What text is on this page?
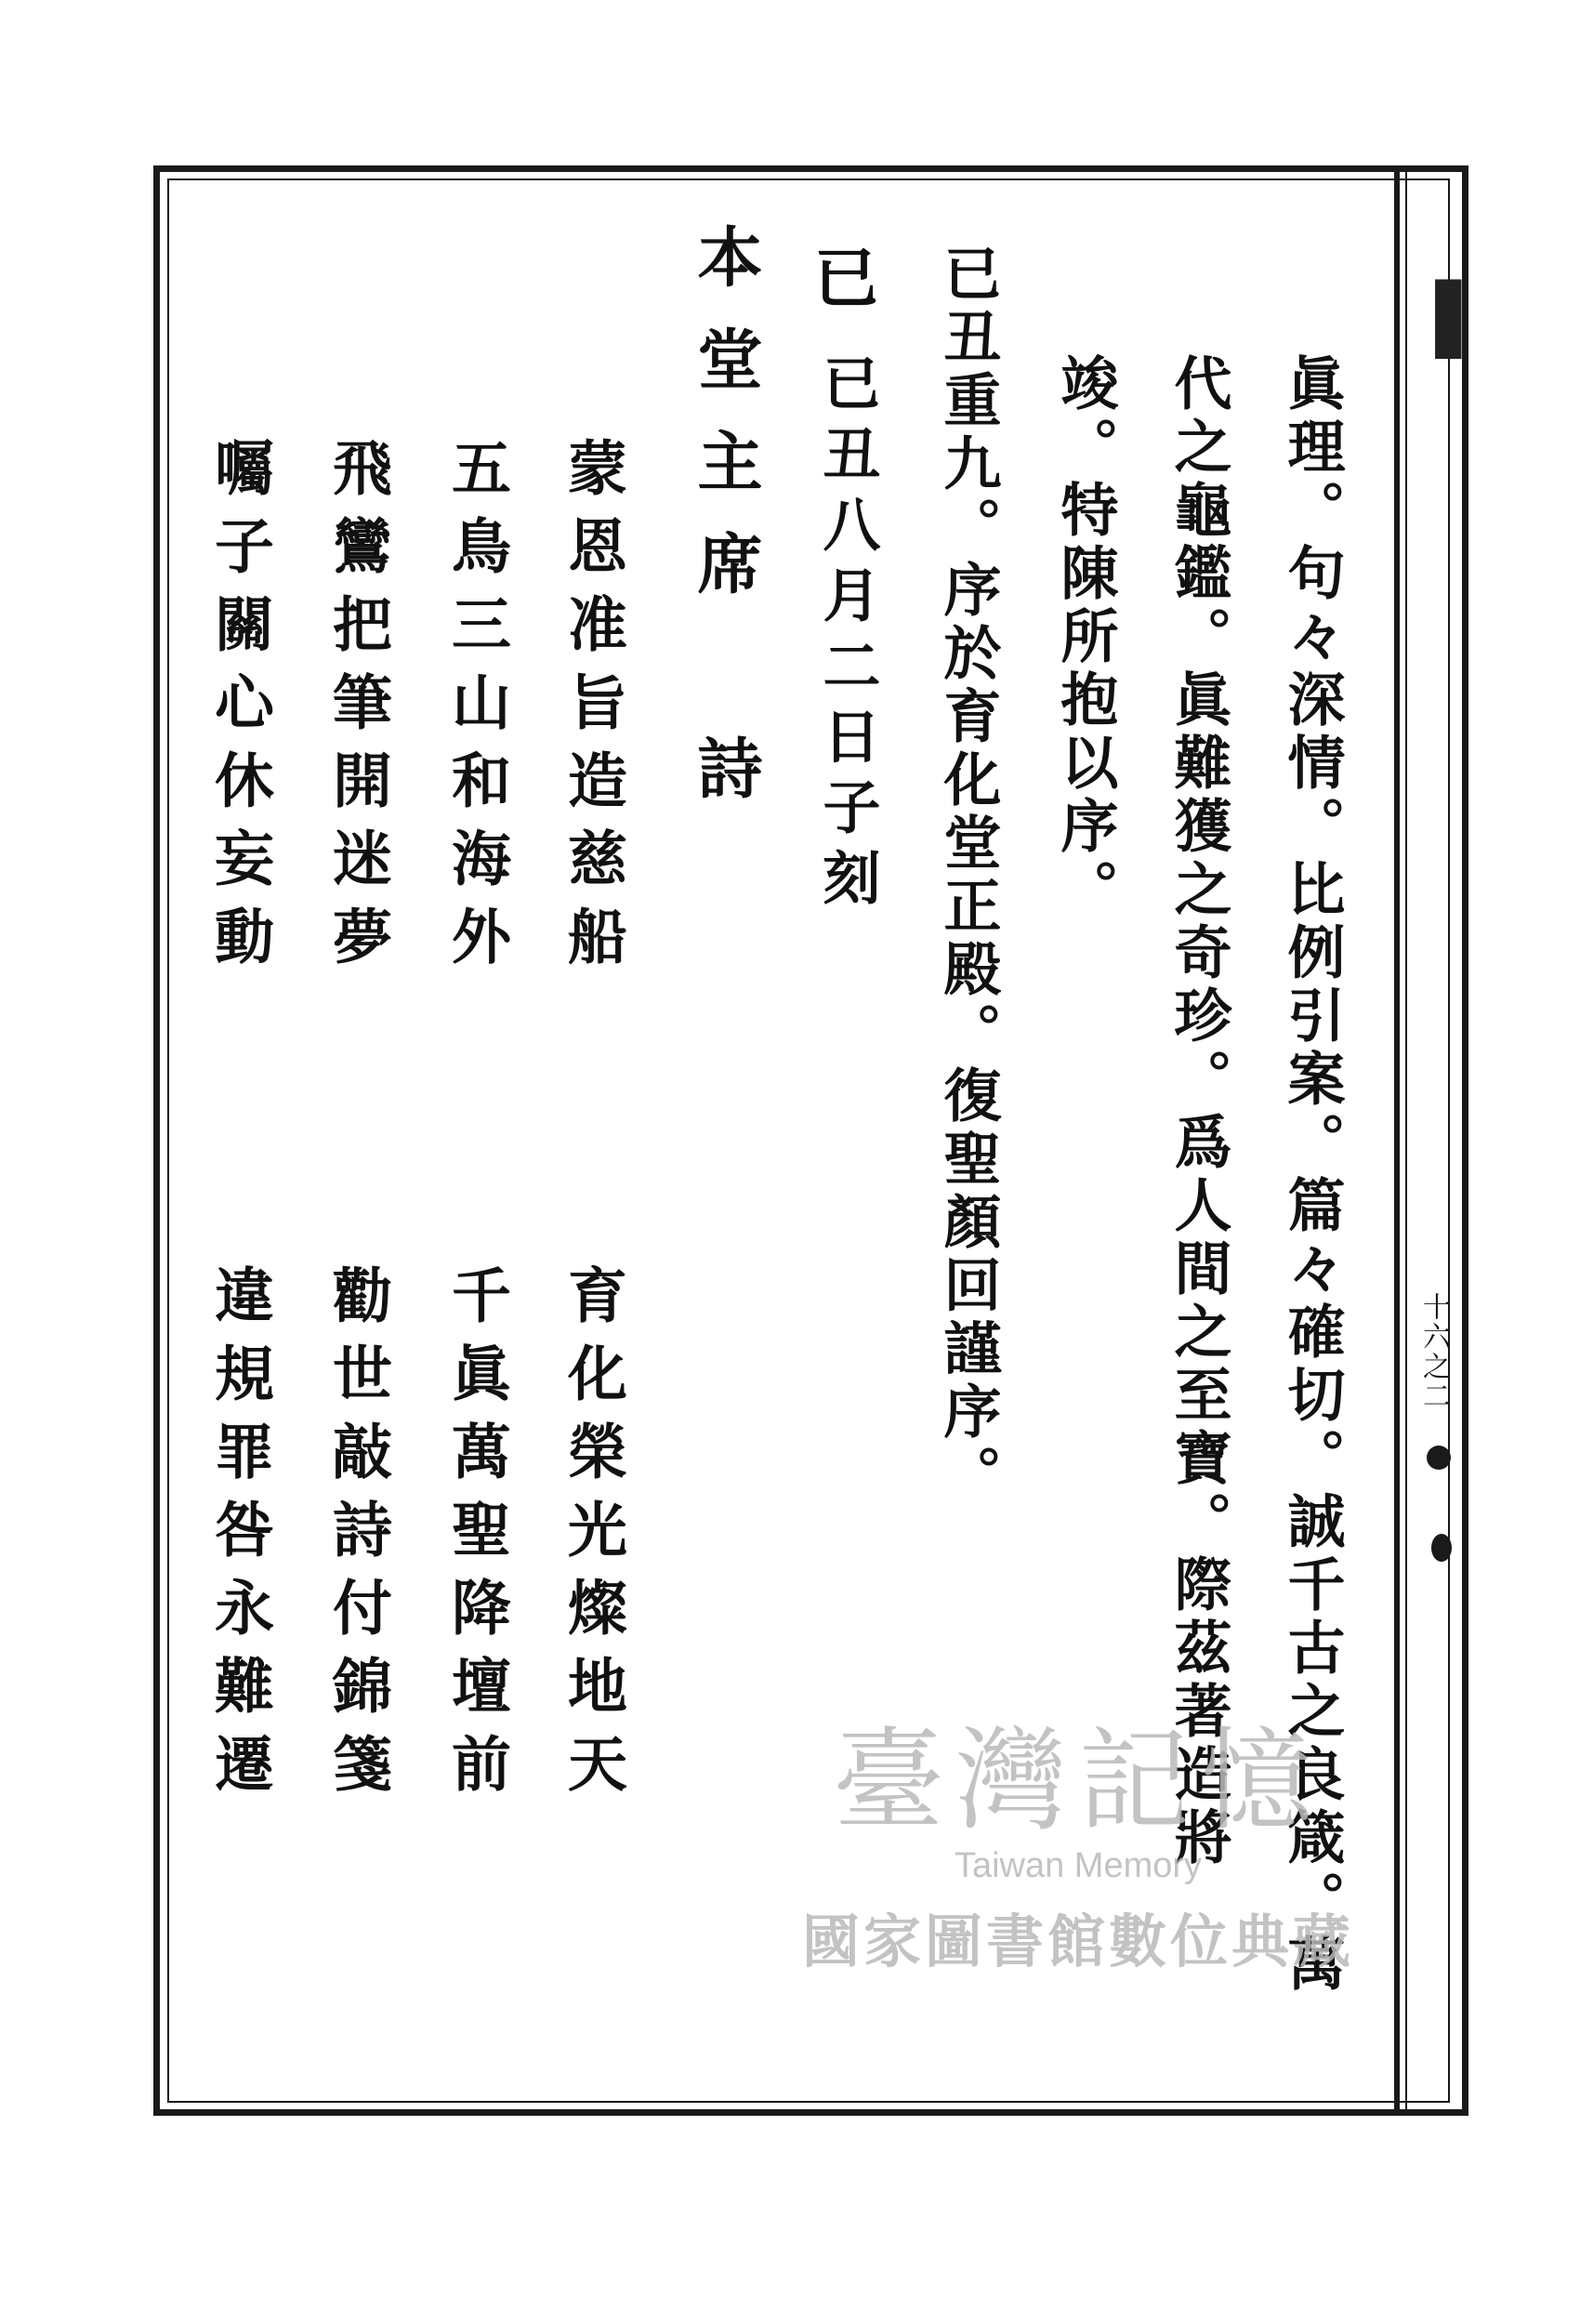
▌
眞理。句々深情。比例引案。篇々確切。誠千古之良箴。萬
代之龜鑑。眞難獲之奇珍。爲人間之至寶。際茲著造將
竣。特陳所抱以序。
已丑重九。序於育化堂正殿。復聖顏回謹序。
已
已丑八月二日子刻
本堂主席　詩
蒙恩准旨造慈船
五鳥三山和海外
飛鸞把筆開迷夢
囑子關心休妄動
育化榮光燦地天
千眞萬聖降壇前
勸世敲詩付錦箋
違規罪咎永難遷	十六之二
臺灣記憶
Taiwan Memory
國家圖書館數位典藏
